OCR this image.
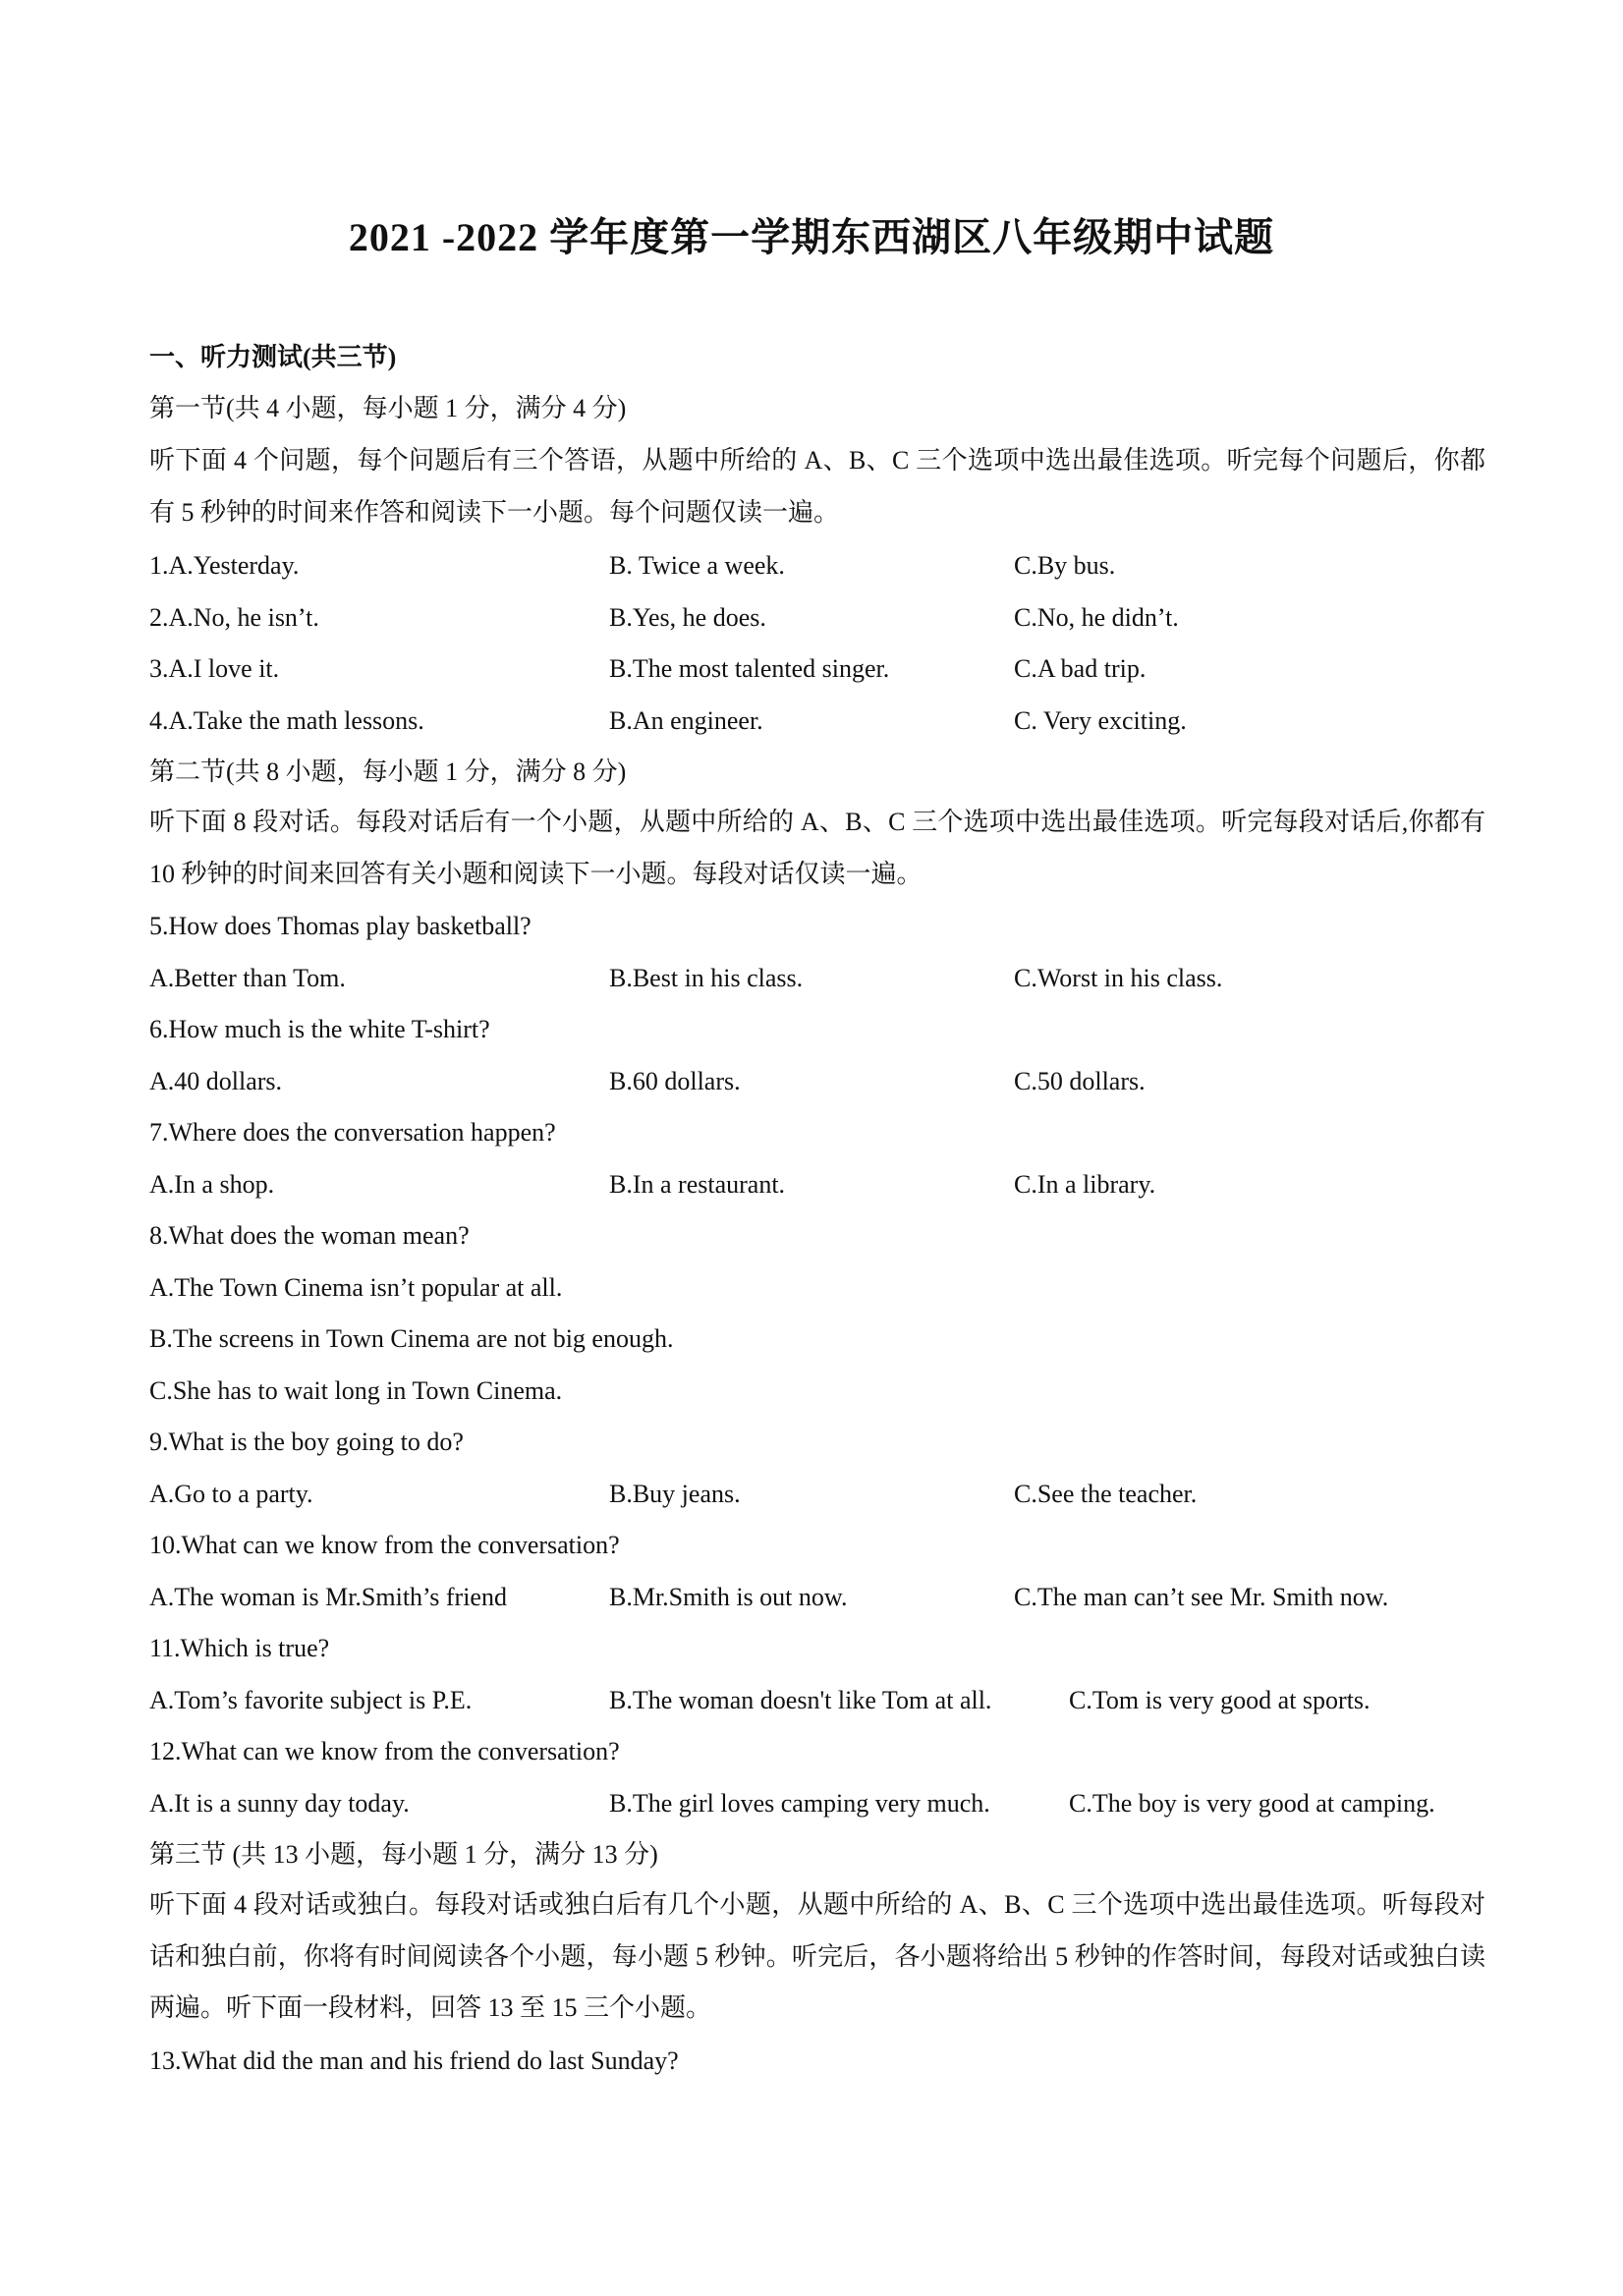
2021 -2022 学年度第一学期东西湖区八年级期中试题
一、听力测试(共三节)
第一节(共 4 小题，每小题 1 分，满分 4 分)
听下面 4 个问题，每个问题后有三个答语，从题中所给的 A、B、C 三个选项中选出最佳选项。听完每个问题后，你都有 5 秒钟的时间来作答和阅读下一小题。每个问题仅读一遍。
1.A.Yesterday.	B. Twice a week.	C.By bus.
2.A.No, he isn’t.	B.Yes, he does.	C.No, he didn’t.
3.A.I love it.	B.The most talented singer.	C.A bad trip.
4.A.Take the math lessons.	B.An engineer.	C. Very exciting.
第二节(共 8 小题，每小题 1 分，满分 8 分)
听下面 8 段对话。每段对话后有一个小题，从题中所给的 A、B、C 三个选项中选出最佳选项。听完每段对话后,你都有 10 秒钟的时间来回答有关小题和阅读下一小题。每段对话仅读一遍。
5.How does Thomas play basketball?
A.Better than Tom.	B.Best in his class.	C.Worst in his class.
6.How much is the white T-shirt?
A.40 dollars.	B.60 dollars.	C.50 dollars.
7.Where does the conversation happen?
A.In a shop.	B.In a restaurant.	C.In a library.
8.What does the woman mean?
A.The Town Cinema isn’t popular at all.
B.The screens in Town Cinema are not big enough.
C.She has to wait long in Town Cinema.
9.What is the boy going to do?
A.Go to a party.	B.Buy jeans.	C.See the teacher.
10.What can we know from the conversation?
A.The woman is Mr.Smith’s friend	B.Mr.Smith is out now.	C.The man can’t see Mr. Smith now.
11.Which is true?
A.Tom’s favorite subject is P.E.	B.The woman doesn't like Tom at all.	C.Tom is very good at sports.
12.What can we know from the conversation?
A.It is a sunny day today.	B.The girl loves camping very much.	C.The boy is very good at camping.
第三节 (共 13 小题，每小题 1 分，满分 13 分)
听下面 4 段对话或独白。每段对话或独白后有几个小题，从题中所给的 A、B、C 三个选项中选出最佳选项。听每段对话和独白前，你将有时间阅读各个小题，每小题 5 秒钟。听完后，各小题将给出 5 秒钟的作答时间，每段对话或独白读两遍。听下面一段材料，回答 13 至 15 三个小题。
13.What did the man and his friend do last Sunday?
